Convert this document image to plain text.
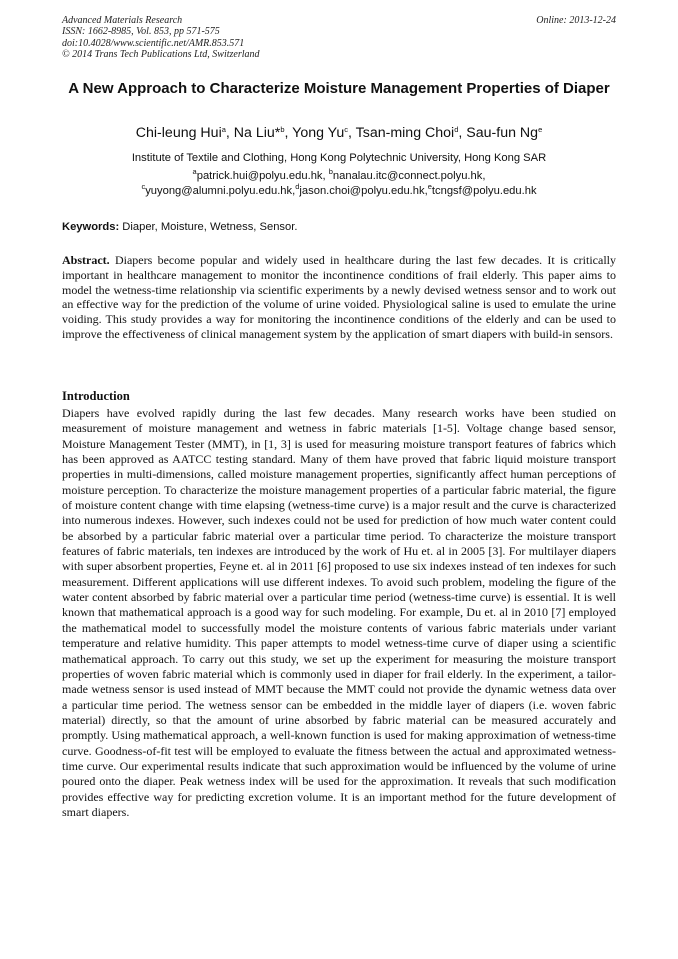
Advanced Materials Research
ISSN: 1662-8985, Vol. 853, pp 571-575
doi:10.4028/www.scientific.net/AMR.853.571
© 2014 Trans Tech Publications Ltd, Switzerland
Online: 2013-12-24
A New Approach to Characterize Moisture Management Properties of Diaper
Chi-leung Hui$^a$, Na Liu*$^b$, Yong Yu$^c$, Tsan-ming Choi$^d$, Sau-fun Ng$^e$
Institute of Textile and Clothing, Hong Kong Polytechnic University, Hong Kong SAR
$^a$patrick.hui@polyu.edu.hk, $^b$nanalau.itc@connect.polyu.hk,
$^c$yuyong@alumni.polyu.edu.hk,$^d$jason.choi@polyu.edu.hk,$^e$tcngsf@polyu.edu.hk
Keywords: Diaper, Moisture, Wetness, Sensor.

Abstract. Diapers become popular and widely used in healthcare during the last few decades. It is critically important in healthcare management to monitor the incontinence conditions of frail elderly. This paper aims to model the wetness-time relationship via scientific experiments by a newly devised wetness sensor and to work out an effective way for the prediction of the volume of urine voided. Physiological saline is used to emulate the urine voiding. This study provides a way for monitoring the incontinence conditions of the elderly and can be used to improve the effectiveness of clinical management system by the application of smart diapers with build-in sensors.

Introduction

Diapers have evolved rapidly during the last few decades. Many research works have been studied on measurement of moisture management and wetness in fabric materials [1-5]. Voltage change based sensor, Moisture Management Tester (MMT), in [1, 3] is used for measuring moisture transport features of fabrics which has been approved as AATCC testing standard. Many of them have proved that fabric liquid moisture transport properties in multi-dimensions, called moisture management properties, significantly affect human perceptions of moisture perception. To characterize the moisture management properties of a particular fabric material, the figure of moisture content change with time elapsing (wetness-time curve) is a major result and the curve is characterized into numerous indexes. However, such indexes could not be used for prediction of how much water content could be absorbed by a particular fabric material over a particular time period. To characterize the moisture transport features of fabric materials, ten indexes are introduced by the work of Hu et. al in 2005 [3]. For multilayer diapers with super absorbent properties, Feyne et. al in 2011 [6] proposed to use six indexes instead of ten indexes for such measurement. Different applications will use different indexes. To avoid such problem, modeling the figure of the water content absorbed by fabric material over a particular time period (wetness-time curve) is essential. It is well known that mathematical approach is a good way for such modeling. For example, Du et. al in 2010 [7] employed the mathematical model to successfully model the moisture contents of various fabric materials under variant temperature and relative humidity. This paper attempts to model wetness-time curve of diaper using a scientific mathematical approach. To carry out this study, we set up the experiment for measuring the moisture transport properties of woven fabric material which is commonly used in diaper for frail elderly. In the experiment, a tailor-made wetness sensor is used instead of MMT because the MMT could not provide the dynamic wetness data over a particular time period. The wetness sensor can be embedded in the middle layer of diapers (i.e. woven fabric material) directly, so that the amount of urine absorbed by fabric material can be measured accurately and promptly. Using mathematical approach, a well-known function is used for making approximation of wetness-time curve. Goodness-of-fit test will be employed to evaluate the fitness between the actual and approximated wetness-time curve. Our experimental results indicate that such approximation would be influenced by the volume of urine poured onto the diaper. Peak wetness index will be used for the approximation. It reveals that such modification provides effective way for predicting excretion volume. It is an important method for the future development of smart diapers.
